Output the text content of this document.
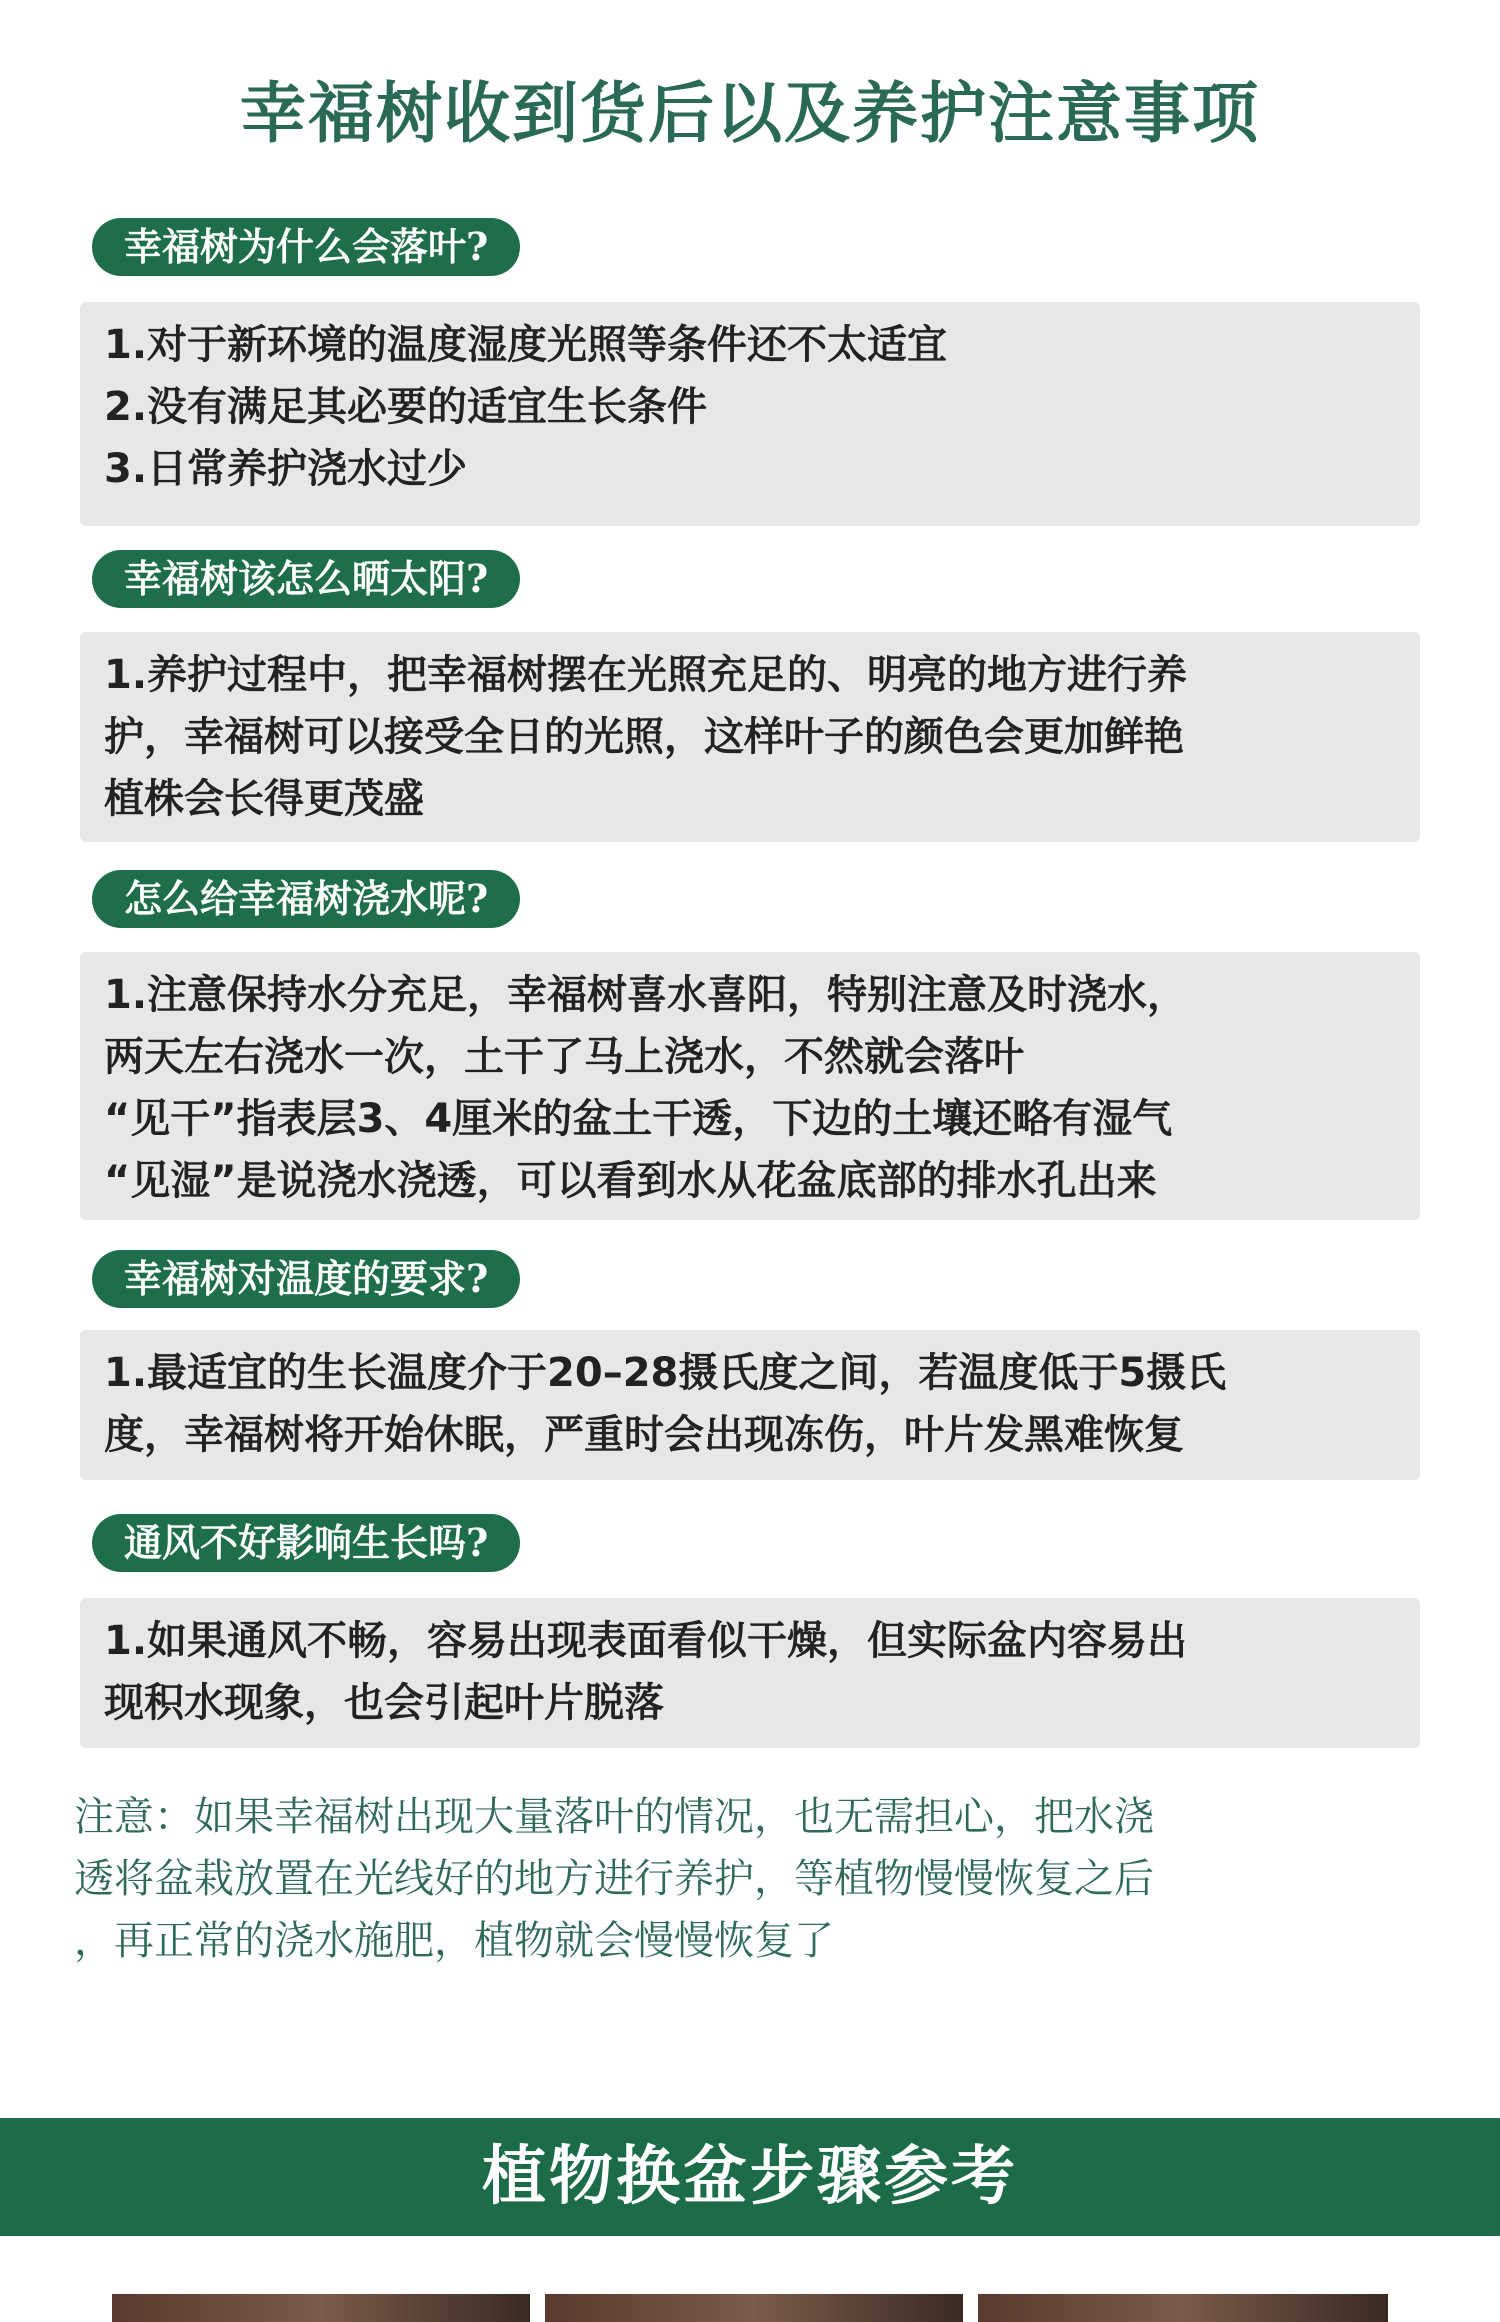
幸福树收到货后以及养护注意事项
幸福树为什么会落叶?
1.对于新环境的温度湿度光照等条件还不太适宜
2.没有满足其必要的适宜生长条件
3.日常养护浇水过少
幸福树该怎么晒太阳?
1.养护过程中，把幸福树摆在光照充足的、明亮的地方进行养
护，幸福树可以接受全日的光照，这样叶子的颜色会更加鲜艳
植株会长得更茂盛
怎么给幸福树浇水呢?
1.注意保持水分充足，幸福树喜水喜阳，特别注意及时浇水，
两天左右浇水一次，土干了马上浇水，不然就会落叶
“见干”指表层3、4厘米的盆土干透，下边的土壤还略有湿气
“见湿”是说浇水浇透，可以看到水从花盆底部的排水孔出来
幸福树对温度的要求?
1.最适宜的生长温度介于20–28摄氏度之间，若温度低于5摄氏
度，幸福树将开始休眠，严重时会出现冻伤，叶片发黑难恢复
通风不好影响生长吗?
1.如果通风不畅，容易出现表面看似干燥，但实际盆内容易出
现积水现象，也会引起叶片脱落
注意：如果幸福树出现大量落叶的情况，也无需担心，把水浇
透将盆栽放置在光线好的地方进行养护，等植物慢慢恢复之后
，再正常的浇水施肥，植物就会慢慢恢复了
植物换盆步骤参考
